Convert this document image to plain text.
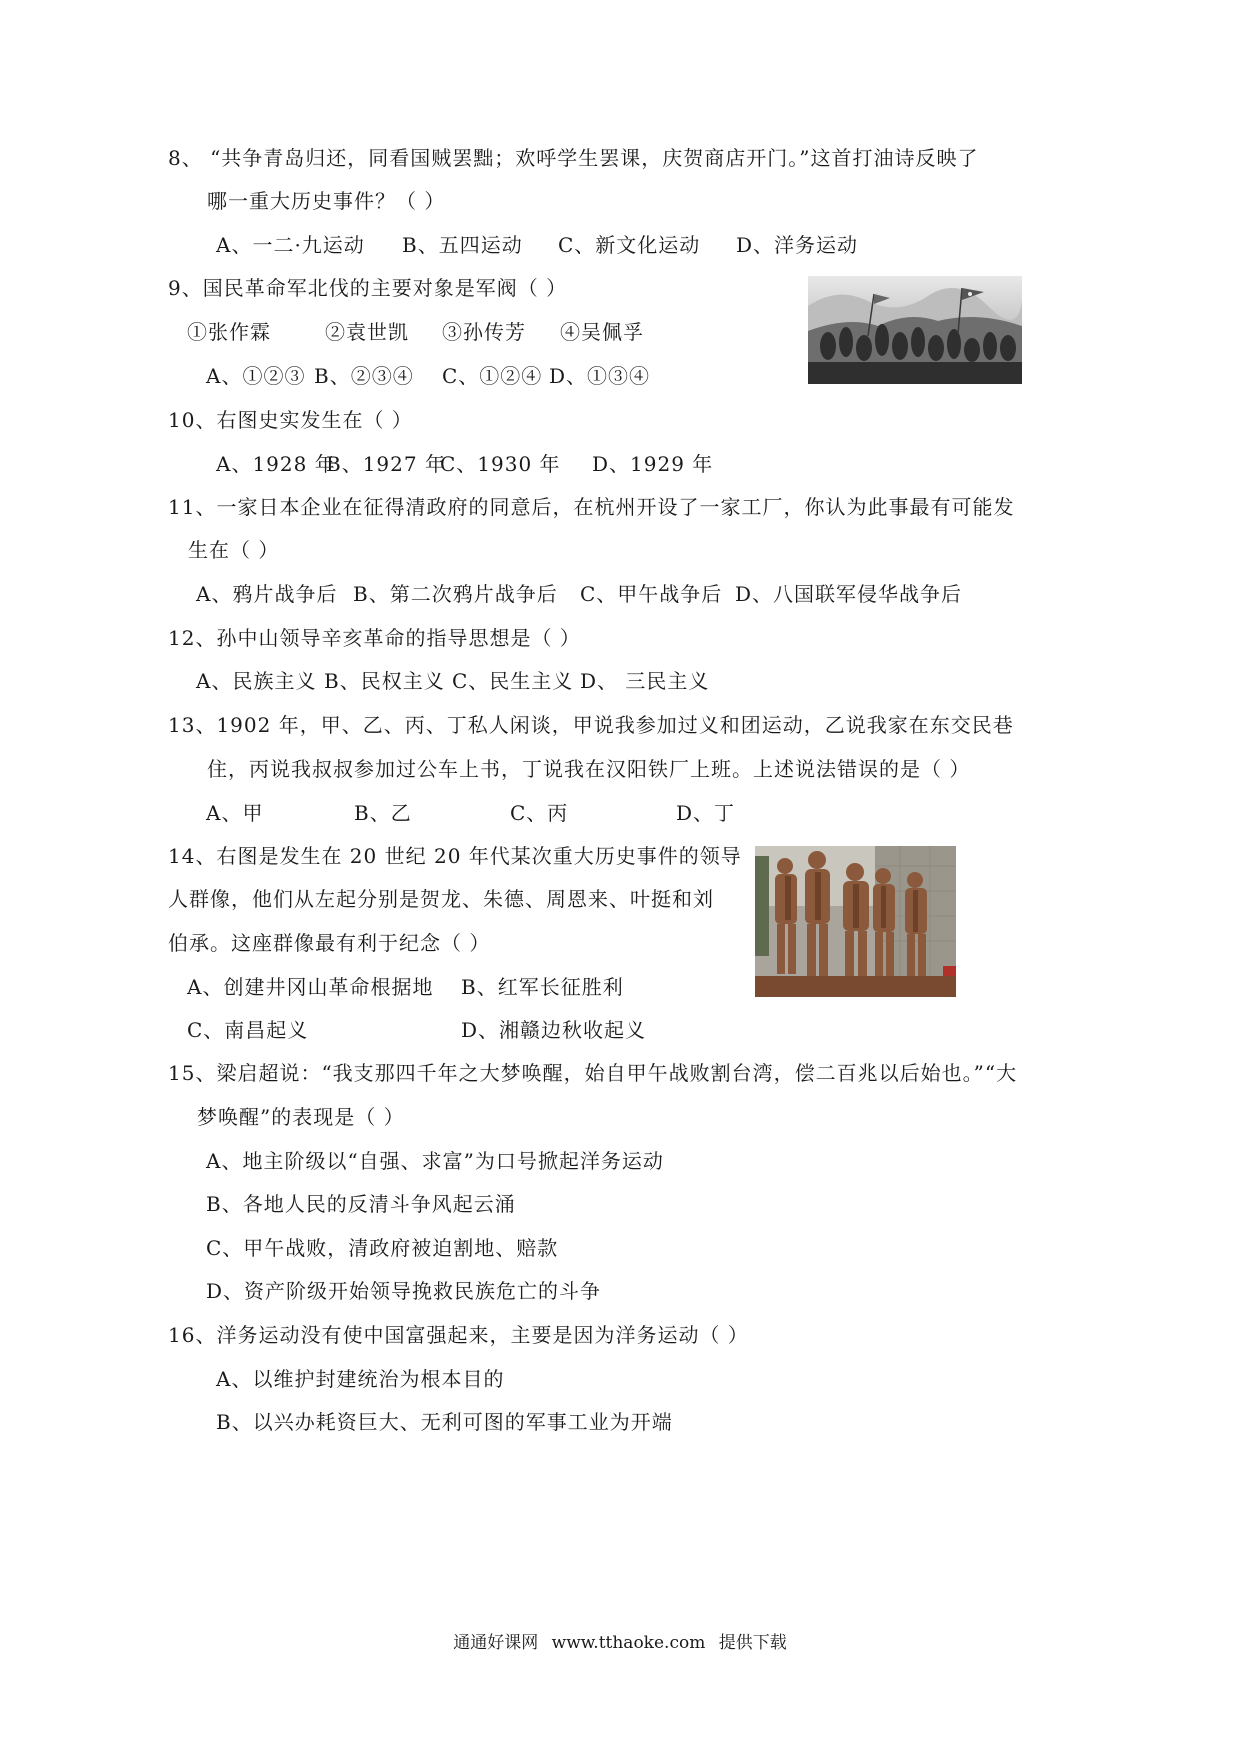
8、 “共争青岛归还，同看国贼罢黜；欢呼学生罢课，庆贺商店开门。”这首打油诗反映了
哪一重大历史事件？（ ）
A、一二·九运动 B、五四运动 C、新文化运动 D、洋务运动
9、国民革命军北伐的主要对象是军阀（ ）
①张作霖	②袁世凯 ③孙传芳 ④吴佩孚
A、①②③ B、②③④ C、①②④ D、①③④
10、右图史实发生在（ ）
A、1928 年
B、1927 年
C、1930 年 D、1929 年
11、一家日本企业在征得清政府的同意后，在杭州开设了一家工厂，你认为此事最有可能发
生在（ ）
A、鸦片战争后 B、第二次鸦片战争后 C、甲午战争后 D、八国联军侵华战争后
12、孙中山领导辛亥革命的指导思想是（ ）
A、民族主义 B、民权主义 C、民生主义 D、 三民主义
13、1902 年，甲、乙、丙、丁私人闲谈，甲说我参加过义和团运动，乙说我家在东交民巷
住，丙说我叔叔参加过公车上书，丁说我在汉阳铁厂上班。上述说法错误的是（ ）
A、甲	B、乙	C、丙	D、丁
14、右图是发生在 20 世纪 20 年代某次重大历史事件的领导
人群像，他们从左起分别是贺龙、朱德、周恩来、叶挺和刘
伯承。这座群像最有利于纪念（ ）
A、创建井冈山革命根据地 B、红军长征胜利
C、南昌起义	D、湘赣边秋收起义
15、梁启超说：“我支那四千年之大梦唤醒，始自甲午战败割台湾，偿二百兆以后始也。”“大
梦唤醒”的表现是（ ）
A、地主阶级以“自强、求富”为口号掀起洋务运动
B、各地人民的反清斗争风起云涌
C、甲午战败，清政府被迫割地、赔款
D、资产阶级开始领导挽救民族危亡的斗争
16、洋务运动没有使中国富强起来，主要是因为洋务运动（ ）
A、以维护封建统治为根本目的
B、以兴办耗资巨大、无利可图的军事工业为开端
通通好课网 www.tthaoke.com 提供下载
